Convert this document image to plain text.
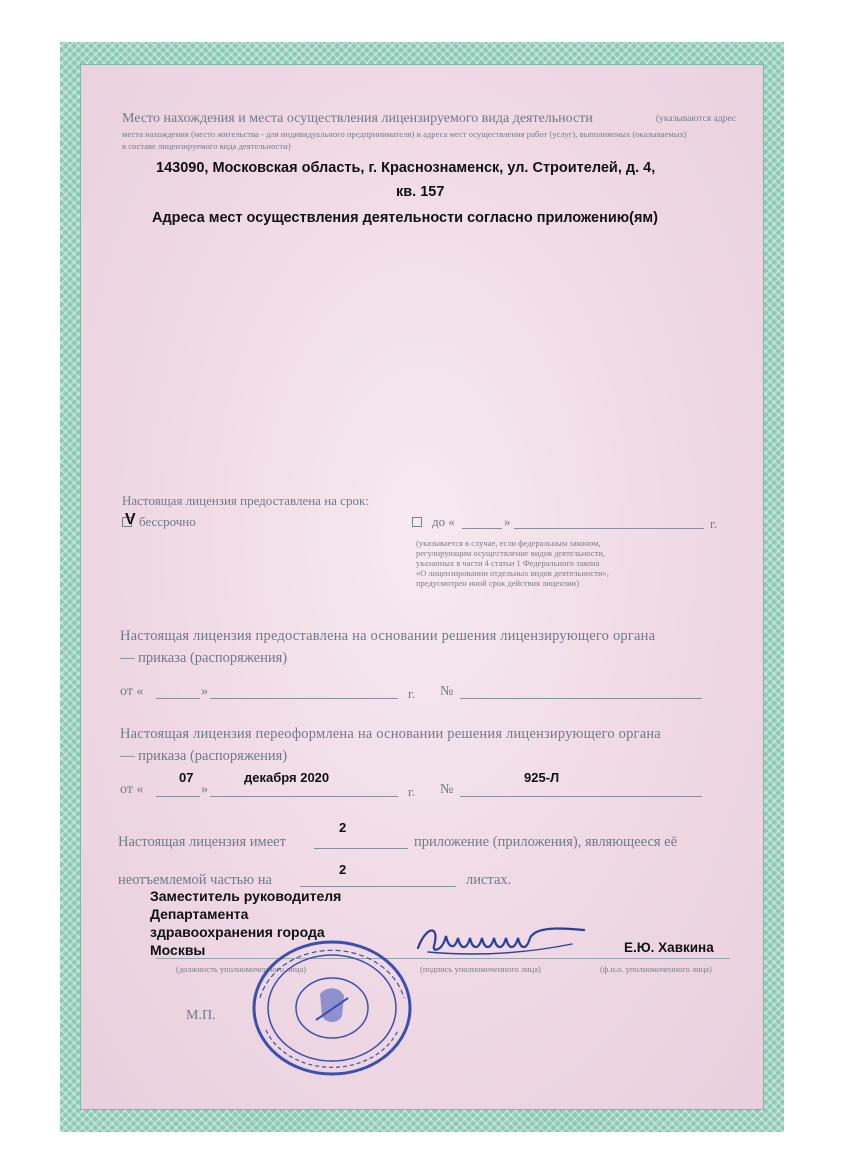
Место нахождения и места осуществления лицензируемого вида деятельности	(указываются адрес
места нахождения (место жительства - для индивидуального предпринимателя) и адреса мест осуществления работ (услуг), выполняемых (оказываемых)
в составе лицензируемого вида деятельности)
143090, Московская область, г. Краснознаменск, ул. Строителей, д. 4,
кв. 157
Адреса мест осуществления деятельности согласно приложению(ям)
Настоящая лицензия предоставлена на срок:
V бессрочно	до «	»	г.
(указывается в случае, если федеральным законом,
регулирующим осуществление видов деятельности,
указанных в части 4 статьи 1 Федерального закона
«О лицензировании отдельных видов деятельности»,
предусмотрен иной срок действия лицензии)
Настоящая лицензия предоставлена на основании решения лицензирующего органа
— приказа (распоряжения)
от «	»	г. №
Настоящая лицензия переоформлена на основании решения лицензирующего органа
— приказа (распоряжения)
07	декабря 2020	925-Л
от «	»	г. №
2
Настоящая лицензия имеет	приложение (приложения), являющееся её
2
неотъемлемой частью на	листах.
Заместитель руководителя
Департамента
здравоохранения города
Москвы	Е.Ю. Хавкина
(должность уполномоченного лица)	(подпись уполномоченного лица)	(ф.и.о. уполномоченного лица)
М.П.
